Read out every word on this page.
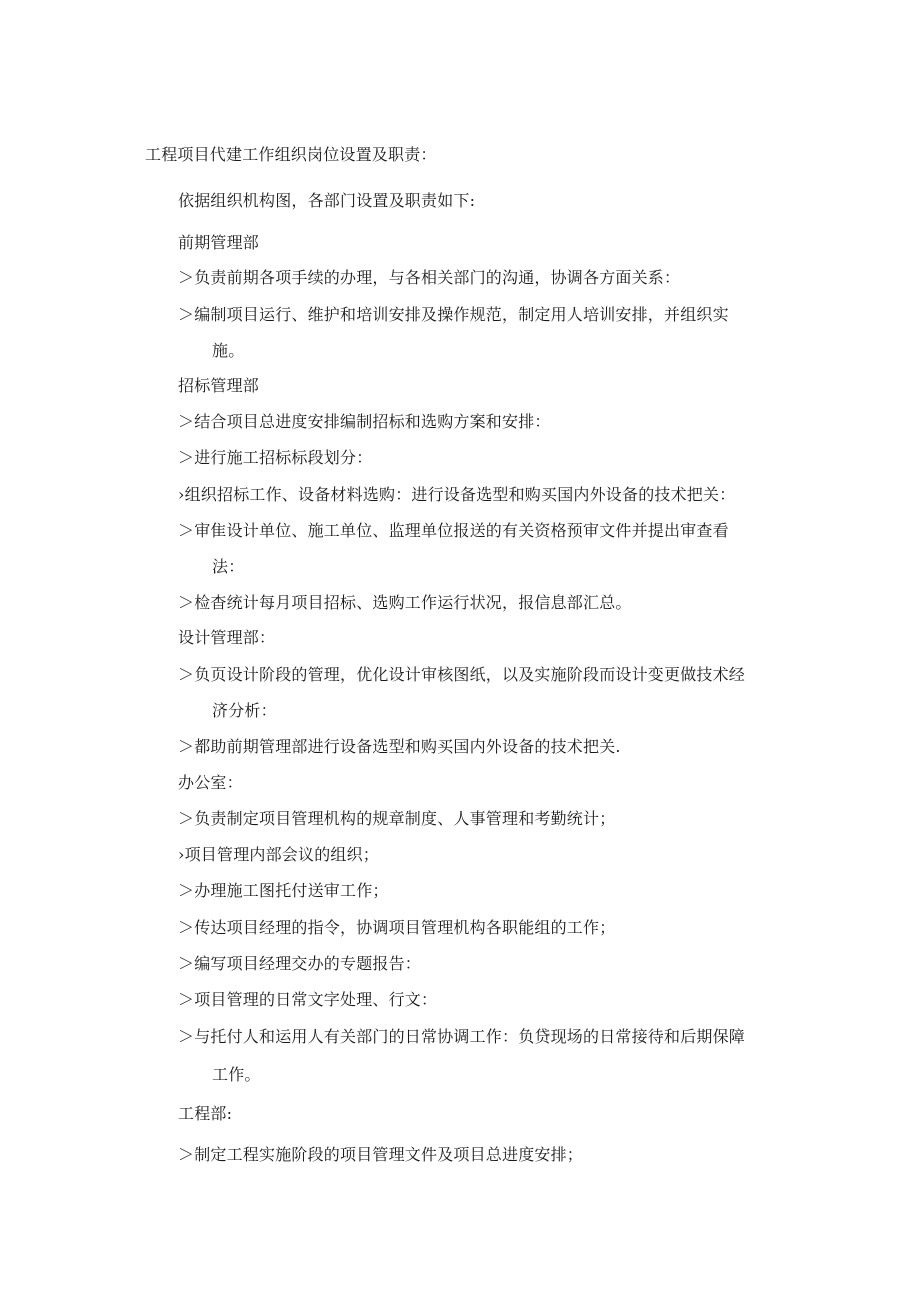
工程项目代建工作组织岗位设置及职责：
依据组织机构图，各部门设置及职责如下:
前期管理部
＞负责前期各项手续的办理，与各相关部门的沟通，协调各方面关系：
＞编制项目运行、维护和培训安排及操作规范，制定用人培训安排，并组织实
施。
招标管理部
＞结合项目总进度安排编制招标和选购方案和安排：
＞进行施工招标标段划分：
›组织招标工作、设备材料选购：进行设备选型和购买国内外设备的技术把关：
＞审隹设计单位、施工单位、监理单位报送的有关资格预审文件并提出审查看
法：
＞检杳统计每月项目招标、选购工作运行状况，报信息部汇总。
设计管理部：
＞负页设计阶段的管理，优化设计审核图纸，以及实施阶段而设计变更做技术经
济分析：
＞都助前期管理部进行设备选型和购买国内外设备的技术把关.
办公室：
＞负责制定项目管理机构的规章制度、人事管理和考勤统计；
›项目管理内部会议的组织；
＞办理施工图托付送审工作；
＞传达项目经理的指令，协调项目管理机构各职能组的工作；
＞编写项目经理交办的专题报告：
＞项目管理的日常文字处理、行文：
＞与托付人和运用人有关部门的日常协调工作：负贷现场的日常接待和后期保障
工作。
工程部:
＞制定工程实施阶段的项目管理文件及项目总进度安排；
